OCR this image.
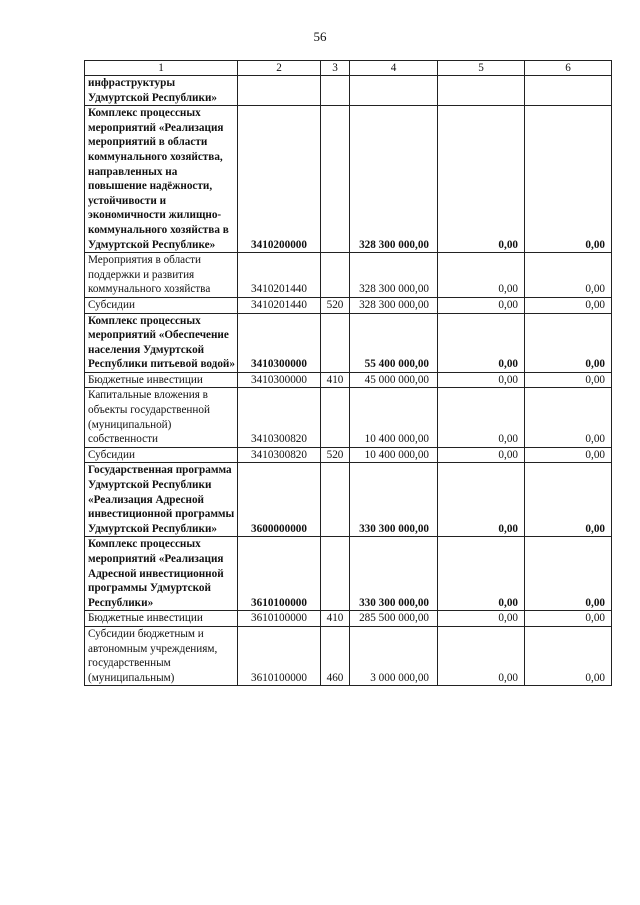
56
1	2	3	4	5	6
инфраструктуры Удмуртской Республики»					
Комплекс процессных мероприятий «Реализация мероприятий в области коммунального хозяйства, направленных на повышение надёжности, устойчивости и экономичности жилищно-коммунального хозяйства в Удмуртской Республике»	3410200000		328 300 000,00	0,00	0,00
Мероприятия в области поддержки и развития коммунального хозяйства	3410201440		328 300 000,00	0,00	0,00
Субсидии	3410201440	520	328 300 000,00	0,00	0,00
Комплекс процессных мероприятий «Обеспечение населения Удмуртской Республики питьевой водой»	3410300000		55 400 000,00	0,00	0,00
Бюджетные инвестиции	3410300000	410	45 000 000,00	0,00	0,00
Капитальные вложения в объекты государственной (муниципальной) собственности	3410300820		10 400 000,00	0,00	0,00
Субсидии	3410300820	520	10 400 000,00	0,00	0,00
Государственная программа Удмуртской Республики «Реализация Адресной инвестиционной программы Удмуртской Республики»	3600000000		330 300 000,00	0,00	0,00
Комплекс процессных мероприятий «Реализация Адресной инвестиционной программы Удмуртской Республики»	3610100000		330 300 000,00	0,00	0,00
Бюджетные инвестиции	3610100000	410	285 500 000,00	0,00	0,00
Субсидии бюджетным и автономным учреждениям, государственным (муниципальным)	3610100000	460	3 000 000,00	0,00	0,00
